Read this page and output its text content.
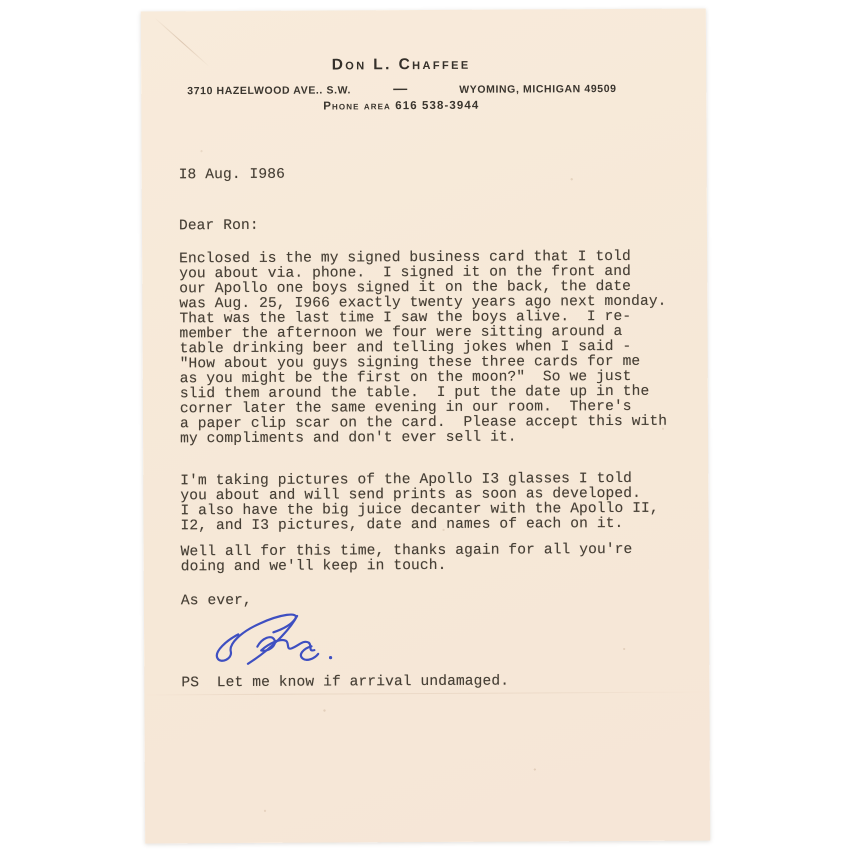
Don L. Chaffee
3710 HAZELWOOD AVE.. S.W.	—	WYOMING, MICHIGAN 49509
Phone area 616 538-3944
I8 Aug. I986
Dear Ron:
Enclosed is the my signed business card that I told
you about via. phone.  I signed it on the front and
our Apollo one boys signed it on the back, the date
was Aug. 25, I966 exactly twenty years ago next monday.
That was the last time I saw the boys alive.  I re-
member the afternoon we four were sitting around a
table drinking beer and telling jokes when I said -
"How about you guys signing these three cards for me
as you might be the first on the moon?"  So we just
slid them around the table.  I put the date up in the
corner later the same evening in our room.  There's
a paper clip scar on the card.  Please accept this with
my compliments and don't ever sell it.
I'm taking pictures of the Apollo I3 glasses I told
you about and will send prints as soon as developed.
I also have the big juice decanter with the Apollo II,
I2, and I3 pictures, date and names of each on it.
Well all for this time, thanks again for all you're
doing and we'll keep in touch.
As ever,
PS  Let me know if arrival undamaged.
